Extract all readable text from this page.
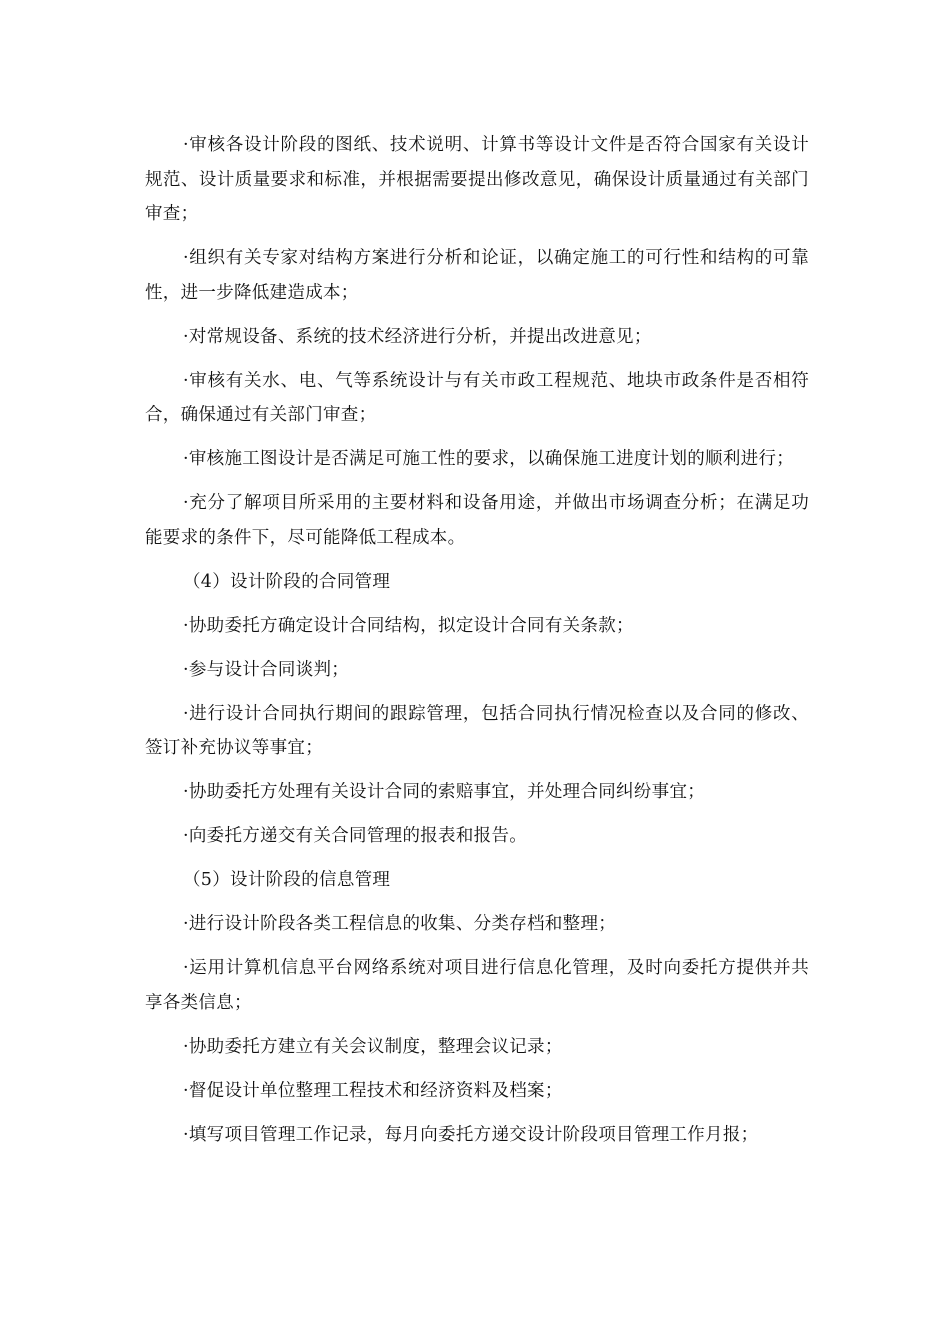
·审核各设计阶段的图纸、技术说明、计算书等设计文件是否符合国家有关设计规范、设计质量要求和标准，并根据需要提出修改意见，确保设计质量通过有关部门审查；

·组织有关专家对结构方案进行分析和论证，以确定施工的可行性和结构的可靠性，进一步降低建造成本；

·对常规设备、系统的技术经济进行分析，并提出改进意见；

·审核有关水、电、气等系统设计与有关市政工程规范、地块市政条件是否相符合，确保通过有关部门审查；

·审核施工图设计是否满足可施工性的要求，以确保施工进度计划的顺利进行；

·充分了解项目所采用的主要材料和设备用途，并做出市场调查分析；在满足功能要求的条件下，尽可能降低工程成本。

（4）设计阶段的合同管理

·协助委托方确定设计合同结构，拟定设计合同有关条款；

·参与设计合同谈判；

·进行设计合同执行期间的跟踪管理，包括合同执行情况检查以及合同的修改、签订补充协议等事宜；

·协助委托方处理有关设计合同的索赔事宜，并处理合同纠纷事宜；

·向委托方递交有关合同管理的报表和报告。

（5）设计阶段的信息管理

·进行设计阶段各类工程信息的收集、分类存档和整理；

·运用计算机信息平台网络系统对项目进行信息化管理，及时向委托方提供并共享各类信息；

·协助委托方建立有关会议制度，整理会议记录；

·督促设计单位整理工程技术和经济资料及档案；

·填写项目管理工作记录，每月向委托方递交设计阶段项目管理工作月报；
